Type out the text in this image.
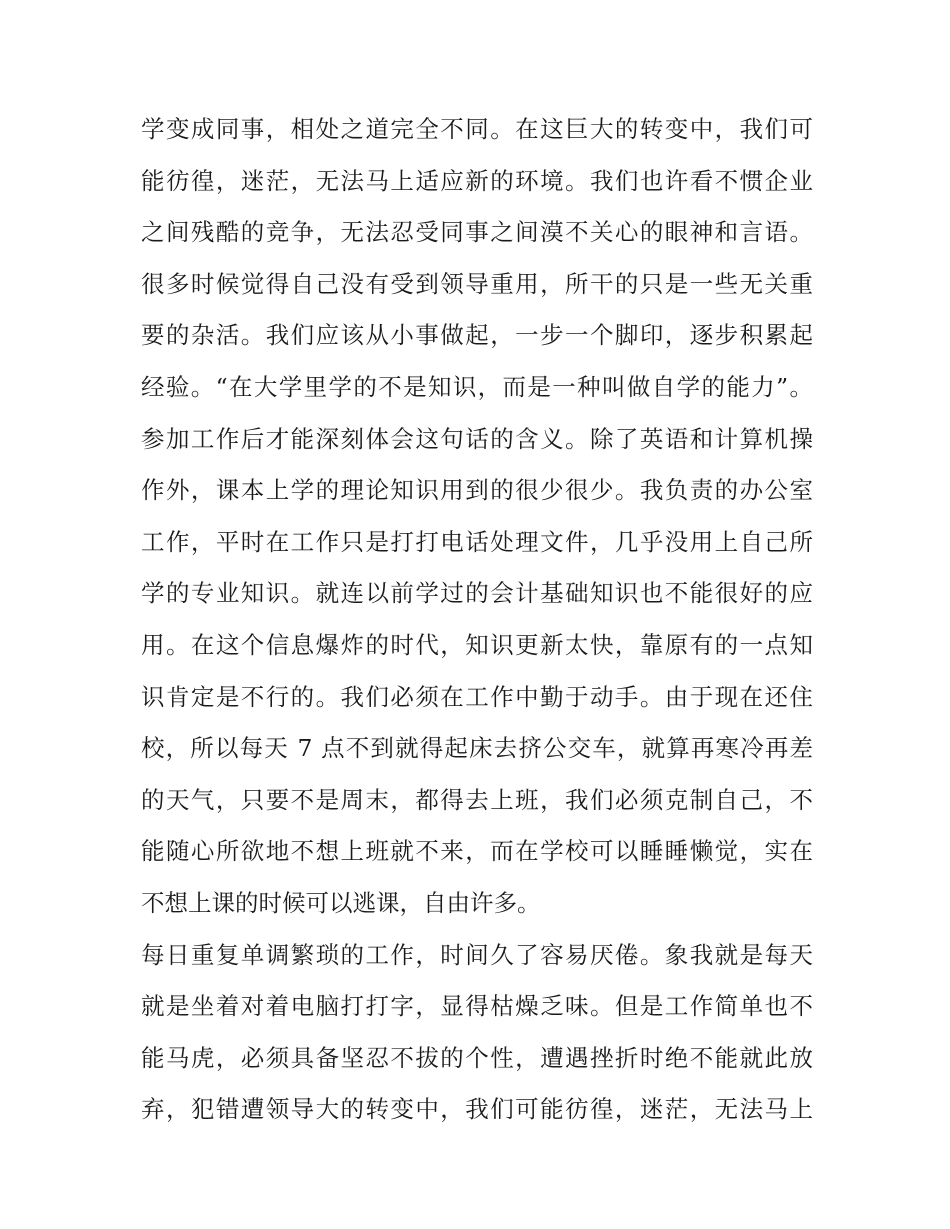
学变成同事，相处之道完全不同。在这巨大的转变中，我们可
能彷徨，迷茫，无法马上适应新的环境。我们也许看不惯企业
之间残酷的竞争，无法忍受同事之间漠不关心的眼神和言语。
很多时候觉得自己没有受到领导重用，所干的只是一些无关重
要的杂活。我们应该从小事做起，一步一个脚印，逐步积累起
经验。“在大学里学的不是知识，而是一种叫做自学的能力”。
参加工作后才能深刻体会这句话的含义。除了英语和计算机操
作外，课本上学的理论知识用到的很少很少。我负责的办公室
工作，平时在工作只是打打电话处理文件，几乎没用上自己所
学的专业知识。就连以前学过的会计基础知识也不能很好的应
用。在这个信息爆炸的时代，知识更新太快，靠原有的一点知
识肯定是不行的。我们必须在工作中勤于动手。由于现在还住
校，所以每天 7 点不到就得起床去挤公交车，就算再寒冷再差
的天气，只要不是周末，都得去上班，我们必须克制自己，不
能随心所欲地不想上班就不来，而在学校可以睡睡懒觉，实在
不想上课的时候可以逃课，自由许多。
每日重复单调繁琐的工作，时间久了容易厌倦。象我就是每天
就是坐着对着电脑打打字，显得枯燥乏味。但是工作简单也不
能马虎，必须具备坚忍不拔的个性，遭遇挫折时绝不能就此放
弃，犯错遭领导大的转变中，我们可能彷徨，迷茫，无法马上
